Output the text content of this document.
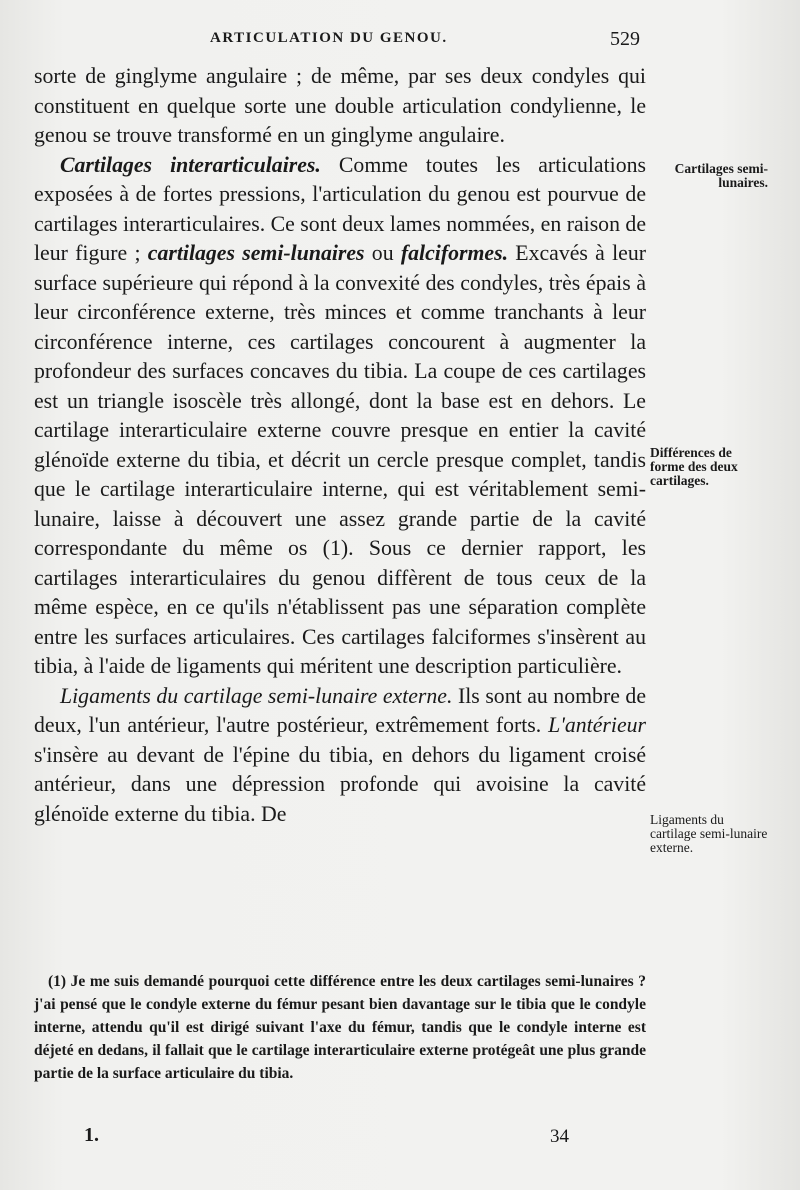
ARTICULATION DU GENOU.	529

sorte de ginglyme angulaire ; de même, par ses deux condyles qui constituent en quelque sorte une double articulation condylienne, le genou se trouve transformé en un ginglyme angulaire.

Cartilages interarticulaires. Comme toutes les articulations exposées à de fortes pressions, l'articulation du genou est pourvue de cartilages interarticulaires. Ce sont deux lames nommées, en raison de leur figure ; cartilages semi-lunaires ou falciformes. Excavés à leur surface supérieure qui répond à la convexité des condyles, très épais à leur circonférence externe, très minces et comme tranchants à leur circonférence interne, ces cartilages concourent à augmenter la profondeur des surfaces concaves du tibia. La coupe de ces cartilages est un triangle isoscèle très allongé, dont la base est en dehors. Le cartilage interarticulaire externe couvre presque en entier la cavité glénoïde externe du tibia, et décrit un cercle presque complet, tandis que le cartilage interarticulaire interne, qui est véritablement semi-lunaire, laisse à découvert une assez grande partie de la cavité correspondante du même os (1). Sous ce dernier rapport, les cartilages interarticulaires du genou diffèrent de tous ceux de la même espèce, en ce qu'ils n'établissent pas une séparation complète entre les surfaces articulaires. Ces cartilages falciformes s'insèrent au tibia, à l'aide de ligaments qui méritent une description particulière.

Ligaments du cartilage semi-lunaire externe. Ils sont au nombre de deux, l'un antérieur, l'autre postérieur, extrêmement forts. L'antérieur s'insère au devant de l'épine du tibia, en dehors du ligament croisé antérieur, dans une dépression profonde qui avoisine la cavité glénoïde externe du tibia. De

Cartilages semi-lunaires.
Différences de forme des deux cartilages.
Ligaments du cartilage semi-lunaire externe.

(1) Je me suis demandé pourquoi cette différence entre les deux cartilages semi-lunaires ? j'ai pensé que le condyle externe du fémur pesant bien davantage sur le tibia que le condyle interne, attendu qu'il est dirigé suivant l'axe du fémur, tandis que le condyle interne est déjeté en dedans, il fallait que le cartilage interarticulaire externe protégeât une plus grande partie de la surface articulaire du tibia.

1.	34
